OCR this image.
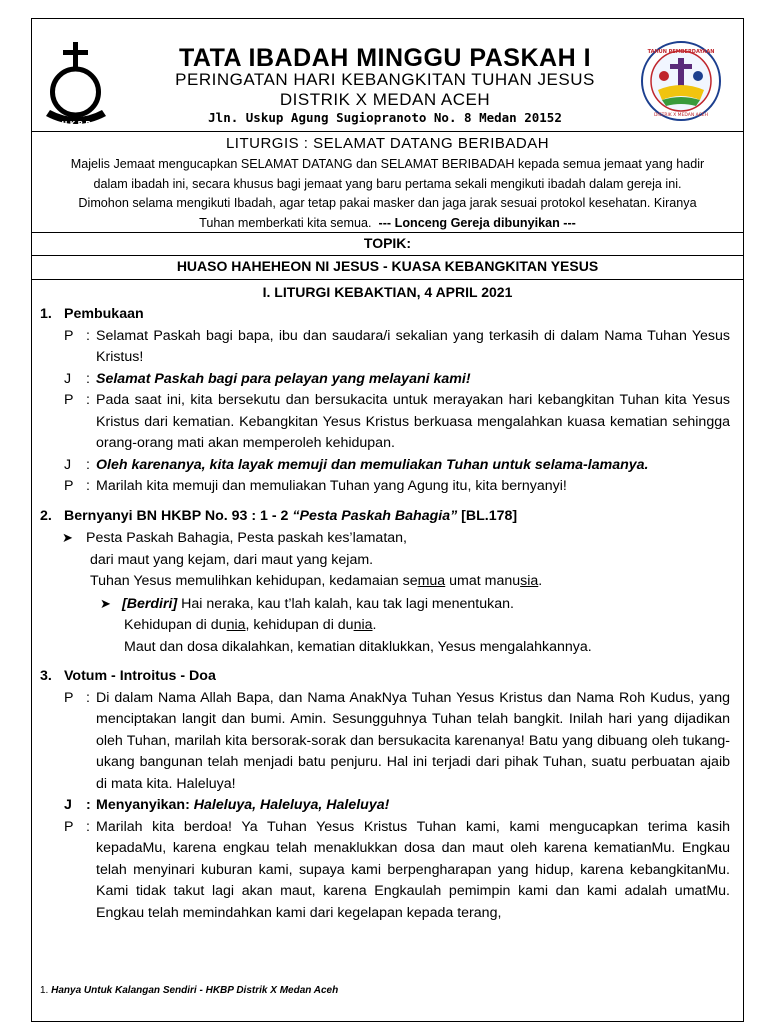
H K B P
TAHUN PEMBERDAYAAN
DISTRIK X MEDAN ACEH
TATA IBADAH MINGGU PASKAH I
PERINGATAN HARI KEBANGKITAN TUHAN JESUS
DISTRIK X MEDAN ACEH
Jln. Uskup Agung Sugiopranoto No. 8 Medan 20152
LITURGIS : SELAMAT DATANG BERIBADAH

Majelis Jemaat mengucapkan SELAMAT DATANG dan SELAMAT BERIBADAH kepada semua jemaat yang hadir

dalam ibadah ini, secara khusus bagi jemaat yang baru pertama sekali mengikuti ibadah dalam gereja ini.

Dimohon selama mengikuti Ibadah, agar tetap pakai masker dan jaga jarak sesuai protokol kesehatan. Kiranya

Tuhan memberkati kita semua. --- Lonceng Gereja dibunyikan ---

TOPIK:
HUASO HAHEHEON NI JESUS - KUASA KEBANGKITAN YESUS
I. LITURGI KEBAKTIAN, 4 APRIL 2021

1. Pembukaan

P : Selamat Paskah bagi bapa, ibu dan saudara/i sekalian yang terkasih di dalam Nama Tuhan Yesus Kristus!
J	: Selamat Paskah bagi para pelayan yang melayani kami!
P : Pada saat ini, kita bersekutu dan bersukacita untuk merayakan hari kebangkitan Tuhan kita Yesus Kristus dari kematian. Kebangkitan Yesus Kristus berkuasa mengalahkan kuasa kematian sehingga orang-orang mati akan memperoleh kehidupan.
J	: Oleh karenanya, kita layak memuji dan memuliakan Tuhan untuk selama-lamanya.
P : Marilah kita memuji dan memuliakan Tuhan yang Agung itu, kita bernyanyi!

2. Bernyanyi BN HKBP No. 93 : 1 - 2 “Pesta Paskah Bahagia” [BL.178]

➤ Pesta Paskah Bahagia, Pesta paskah kes’lamatan,

dari maut yang kejam, dari maut yang kejam.

Tuhan Yesus memulihkan kehidupan, kedamaian semua umat manusia.

➤ [Berdiri] Hai neraka, kau t’lah kalah, kau tak lagi menentukan.

Kehidupan di dunia, kehidupan di dunia.

Maut dan dosa dikalahkan, kematian ditaklukkan, Yesus mengalahkannya.

3. Votum - Introitus - Doa

P : Di dalam Nama Allah Bapa, dan Nama AnakNya Tuhan Yesus Kristus dan Nama Roh Kudus, yang menciptakan langit dan bumi. Amin. Sesungguhnya Tuhan telah bangkit. Inilah hari yang dijadikan oleh Tuhan, marilah kita bersorak-sorak dan bersukacita karenanya! Batu yang dibuang oleh tukang-ukang bangunan telah menjadi batu penjuru. Hal ini terjadi dari pihak Tuhan, suatu perbuatan ajaib di mata kita. Haleluya!
J : Menyanyikan: Haleluya, Haleluya, Haleluya!
P : Marilah kita berdoa! Ya Tuhan Yesus Kristus Tuhan kami, kami mengucapkan terima kasih kepadaMu, karena engkau telah menaklukkan dosa dan maut oleh karena kematianMu. Engkau telah menyinari kuburan kami, supaya kami berpengharapan yang hidup, karena kebangkitanMu. Kami tidak takut lagi akan maut, karena Engkaulah pemimpin kami dan kami adalah umatMu. Engkau telah memindahkan kami dari kegelapan kepada terang,
1. Hanya Untuk Kalangan Sendiri - HKBP Distrik X Medan Aceh
